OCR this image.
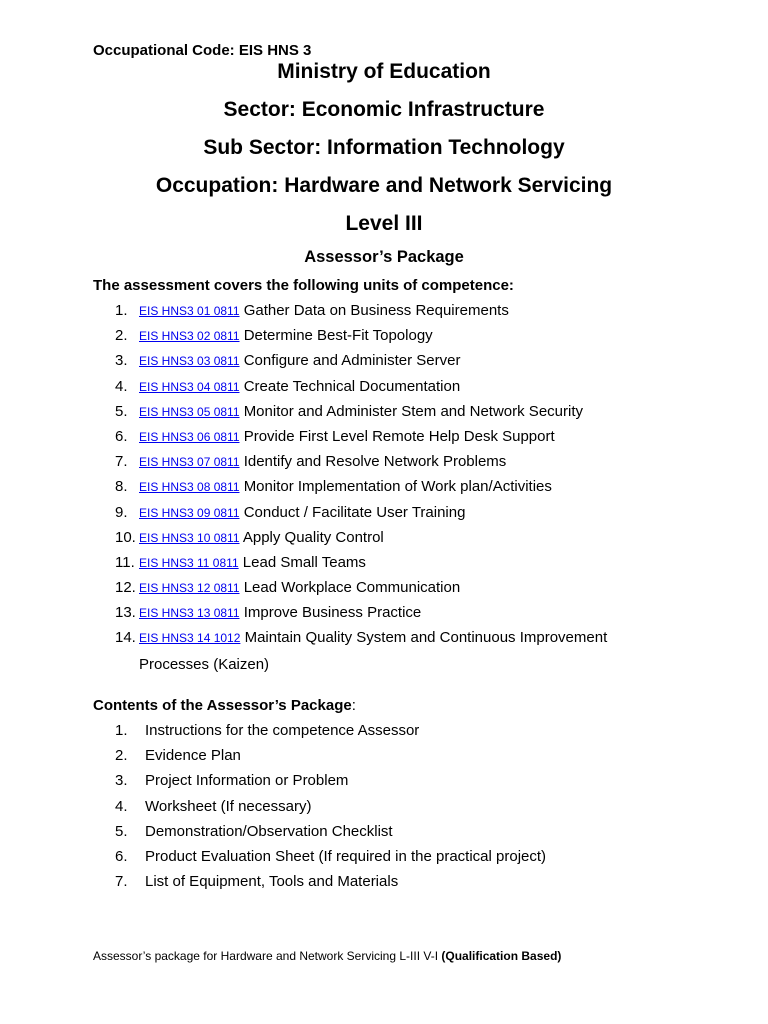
Occupational Code: EIS HNS 3
Ministry of Education
Sector: Economic Infrastructure
Sub Sector: Information Technology
Occupation: Hardware and Network Servicing
Level III
Assessor’s Package
The assessment covers the following units of competence:
1. EIS HNS3 01 0811 Gather Data on Business Requirements
2. EIS HNS3 02 0811 Determine Best-Fit Topology
3. EIS HNS3 03 0811 Configure and Administer Server
4. EIS HNS3 04 0811 Create Technical Documentation
5. EIS HNS3 05 0811 Monitor and Administer Stem and Network Security
6. EIS HNS3 06 0811 Provide First Level Remote Help Desk Support
7. EIS HNS3 07 0811 Identify and Resolve Network Problems
8. EIS HNS3 08 0811 Monitor Implementation of Work plan/Activities
9. EIS HNS3 09 0811 Conduct / Facilitate User Training
10. EIS HNS3 10 0811 Apply Quality Control
11. EIS HNS3 11 0811 Lead Small Teams
12. EIS HNS3 12 0811 Lead Workplace Communication
13. EIS HNS3 13 0811 Improve Business Practice
14. EIS HNS3 14 1012 Maintain Quality System and Continuous Improvement Processes (Kaizen)
Contents of the Assessor’s Package:
1.	Instructions for the competence Assessor
2.	Evidence Plan
3.	Project Information or Problem
4.	Worksheet (If necessary)
5.	Demonstration/Observation Checklist
6.	Product Evaluation Sheet (If required in the practical project)
7.	List of Equipment, Tools and Materials
Assessor’s package for Hardware and Network Servicing L-III V-I (Qualification Based)
